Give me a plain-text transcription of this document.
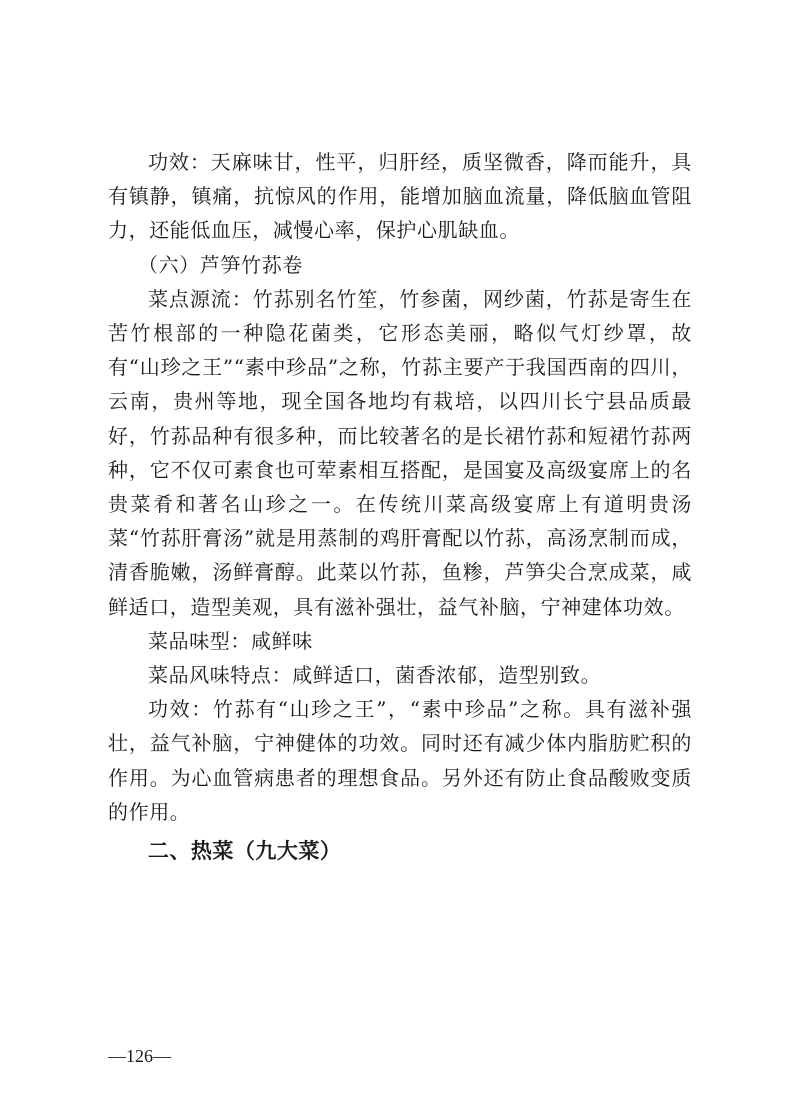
功效：天麻味甘，性平，归肝经，质坚微香，降而能升，具有镇静，镇痛，抗惊风的作用，能增加脑血流量，降低脑血管阻力，还能低血压，减慢心率，保护心肌缺血。

（六）芦笋竹荪卷

菜点源流：竹荪别名竹笙，竹参菌，网纱菌，竹荪是寄生在苦竹根部的一种隐花菌类，它形态美丽，略似气灯纱罩，故有“山珍之王”“素中珍品”之称，竹荪主要产于我国西南的四川，云南，贵州等地，现全国各地均有栽培，以四川长宁县品质最好，竹荪品种有很多种，而比较著名的是长裙竹荪和短裙竹荪两种，它不仅可素食也可荤素相互搭配，是国宴及高级宴席上的名贵菜肴和著名山珍之一。在传统川菜高级宴席上有道明贵汤菜“竹荪肝膏汤”就是用蒸制的鸡肝膏配以竹荪，高汤烹制而成，清香脆嫩，汤鲜膏醇。此菜以竹荪，鱼糁，芦笋尖合烹成菜，咸鲜适口，造型美观，具有滋补强壮，益气补脑，宁神建体功效。

菜品味型：咸鲜味

菜品风味特点：咸鲜适口，菌香浓郁，造型别致。

功效：竹荪有“山珍之王”，“素中珍品”之称。具有滋补强壮，益气补脑，宁神健体的功效。同时还有减少体内脂肪贮积的作用。为心血管病患者的理想食品。另外还有防止食品酸败变质的作用。

二、热菜（九大菜）

—126—
